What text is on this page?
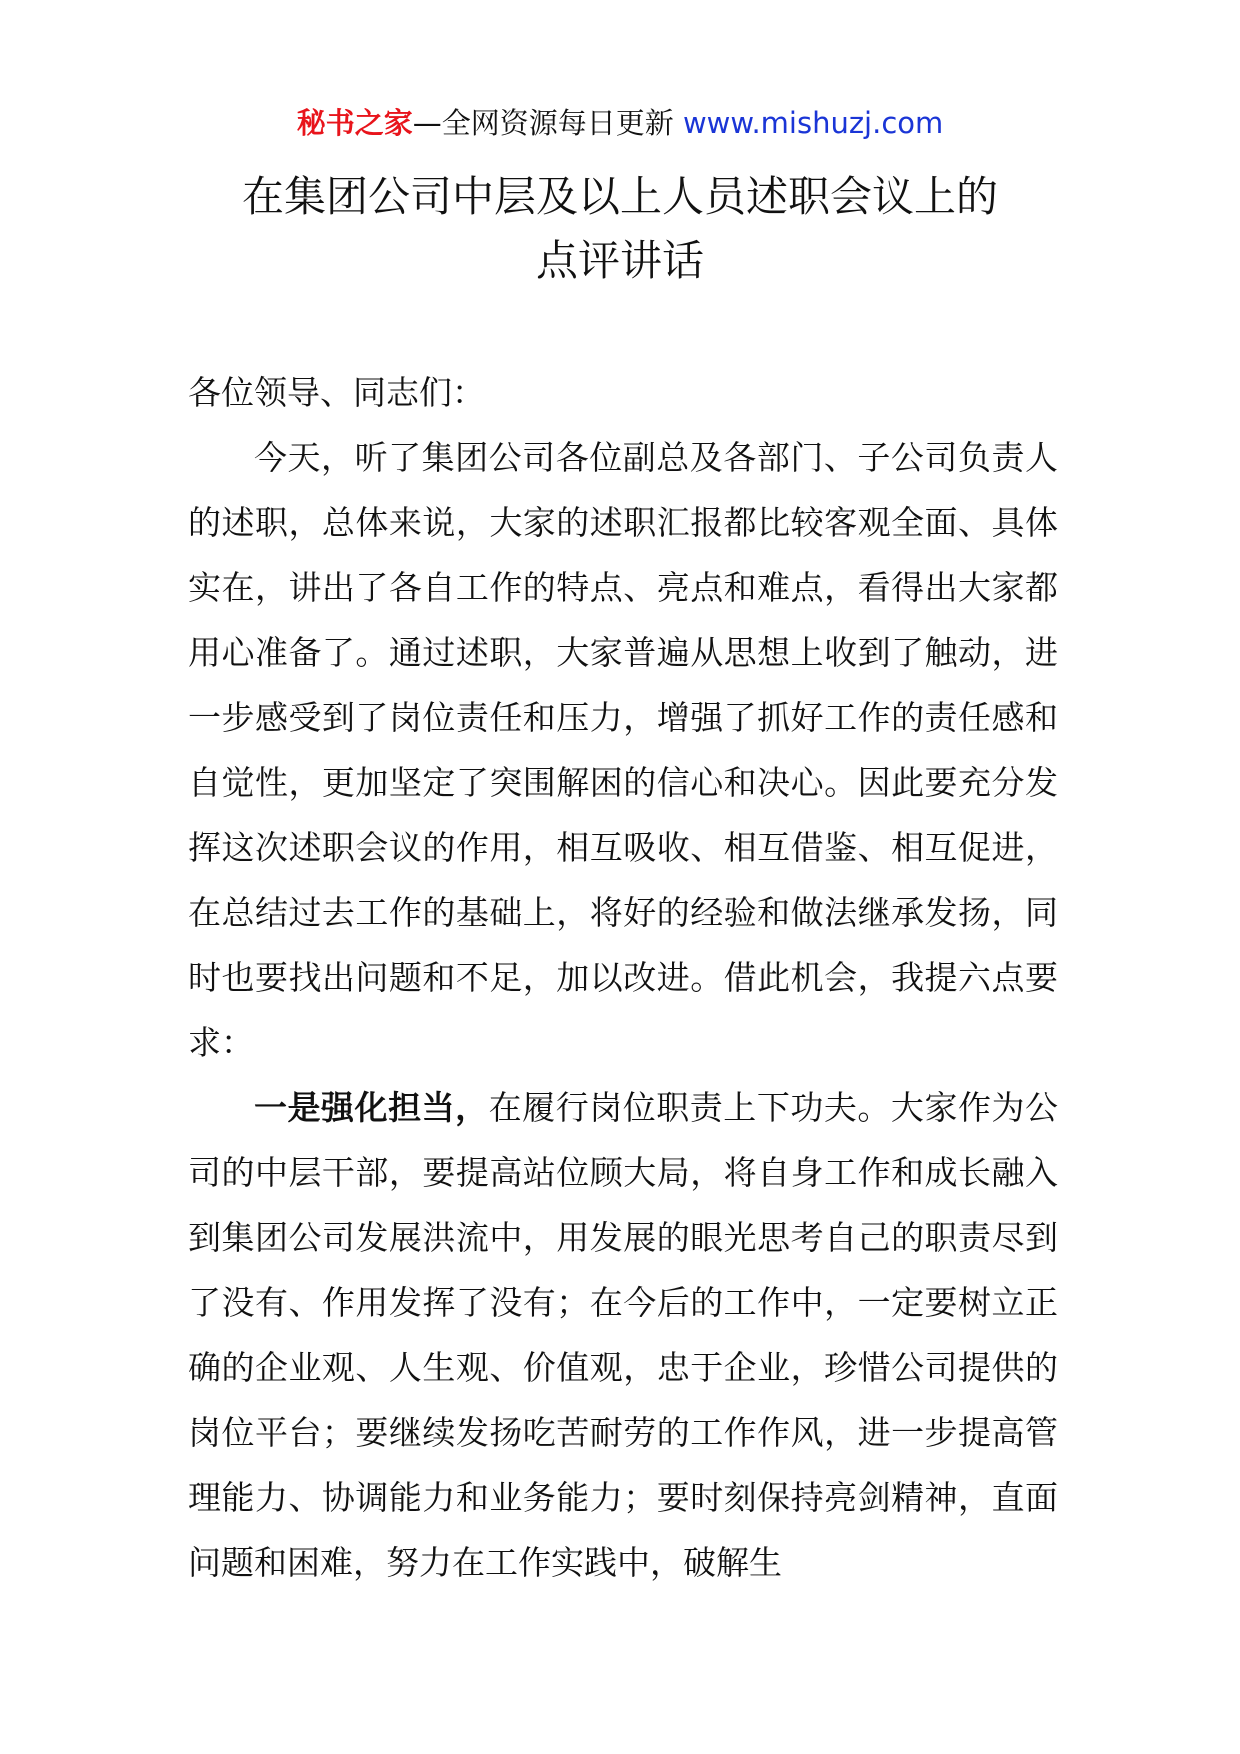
秘书之家—全网资源每日更新 www.mishuzj.com
在集团公司中层及以上人员述职会议上的
点评讲话

各位领导、同志们：

今天，听了集团公司各位副总及各部门、子公司负责人的述职，总体来说，大家的述职汇报都比较客观全面、具体实在，讲出了各自工作的特点、亮点和难点，看得出大家都用心准备了。通过述职，大家普遍从思想上收到了触动，进一步感受到了岗位责任和压力，增强了抓好工作的责任感和自觉性，更加坚定了突围解困的信心和决心。因此要充分发挥这次述职会议的作用，相互吸收、相互借鉴、相互促进，在总结过去工作的基础上，将好的经验和做法继承发扬，同时也要找出问题和不足，加以改进。借此机会，我提六点要求：

一是强化担当，在履行岗位职责上下功夫。大家作为公司的中层干部，要提高站位顾大局，将自身工作和成长融入到集团公司发展洪流中，用发展的眼光思考自己的职责尽到了没有、作用发挥了没有；在今后的工作中，一定要树立正确的企业观、人生观、价值观，忠于企业，珍惜公司提供的岗位平台；要继续发扬吃苦耐劳的工作作风，进一步提高管理能力、协调能力和业务能力；要时刻保持亮剑精神，直面问题和困难，努力在工作实践中，破解生
